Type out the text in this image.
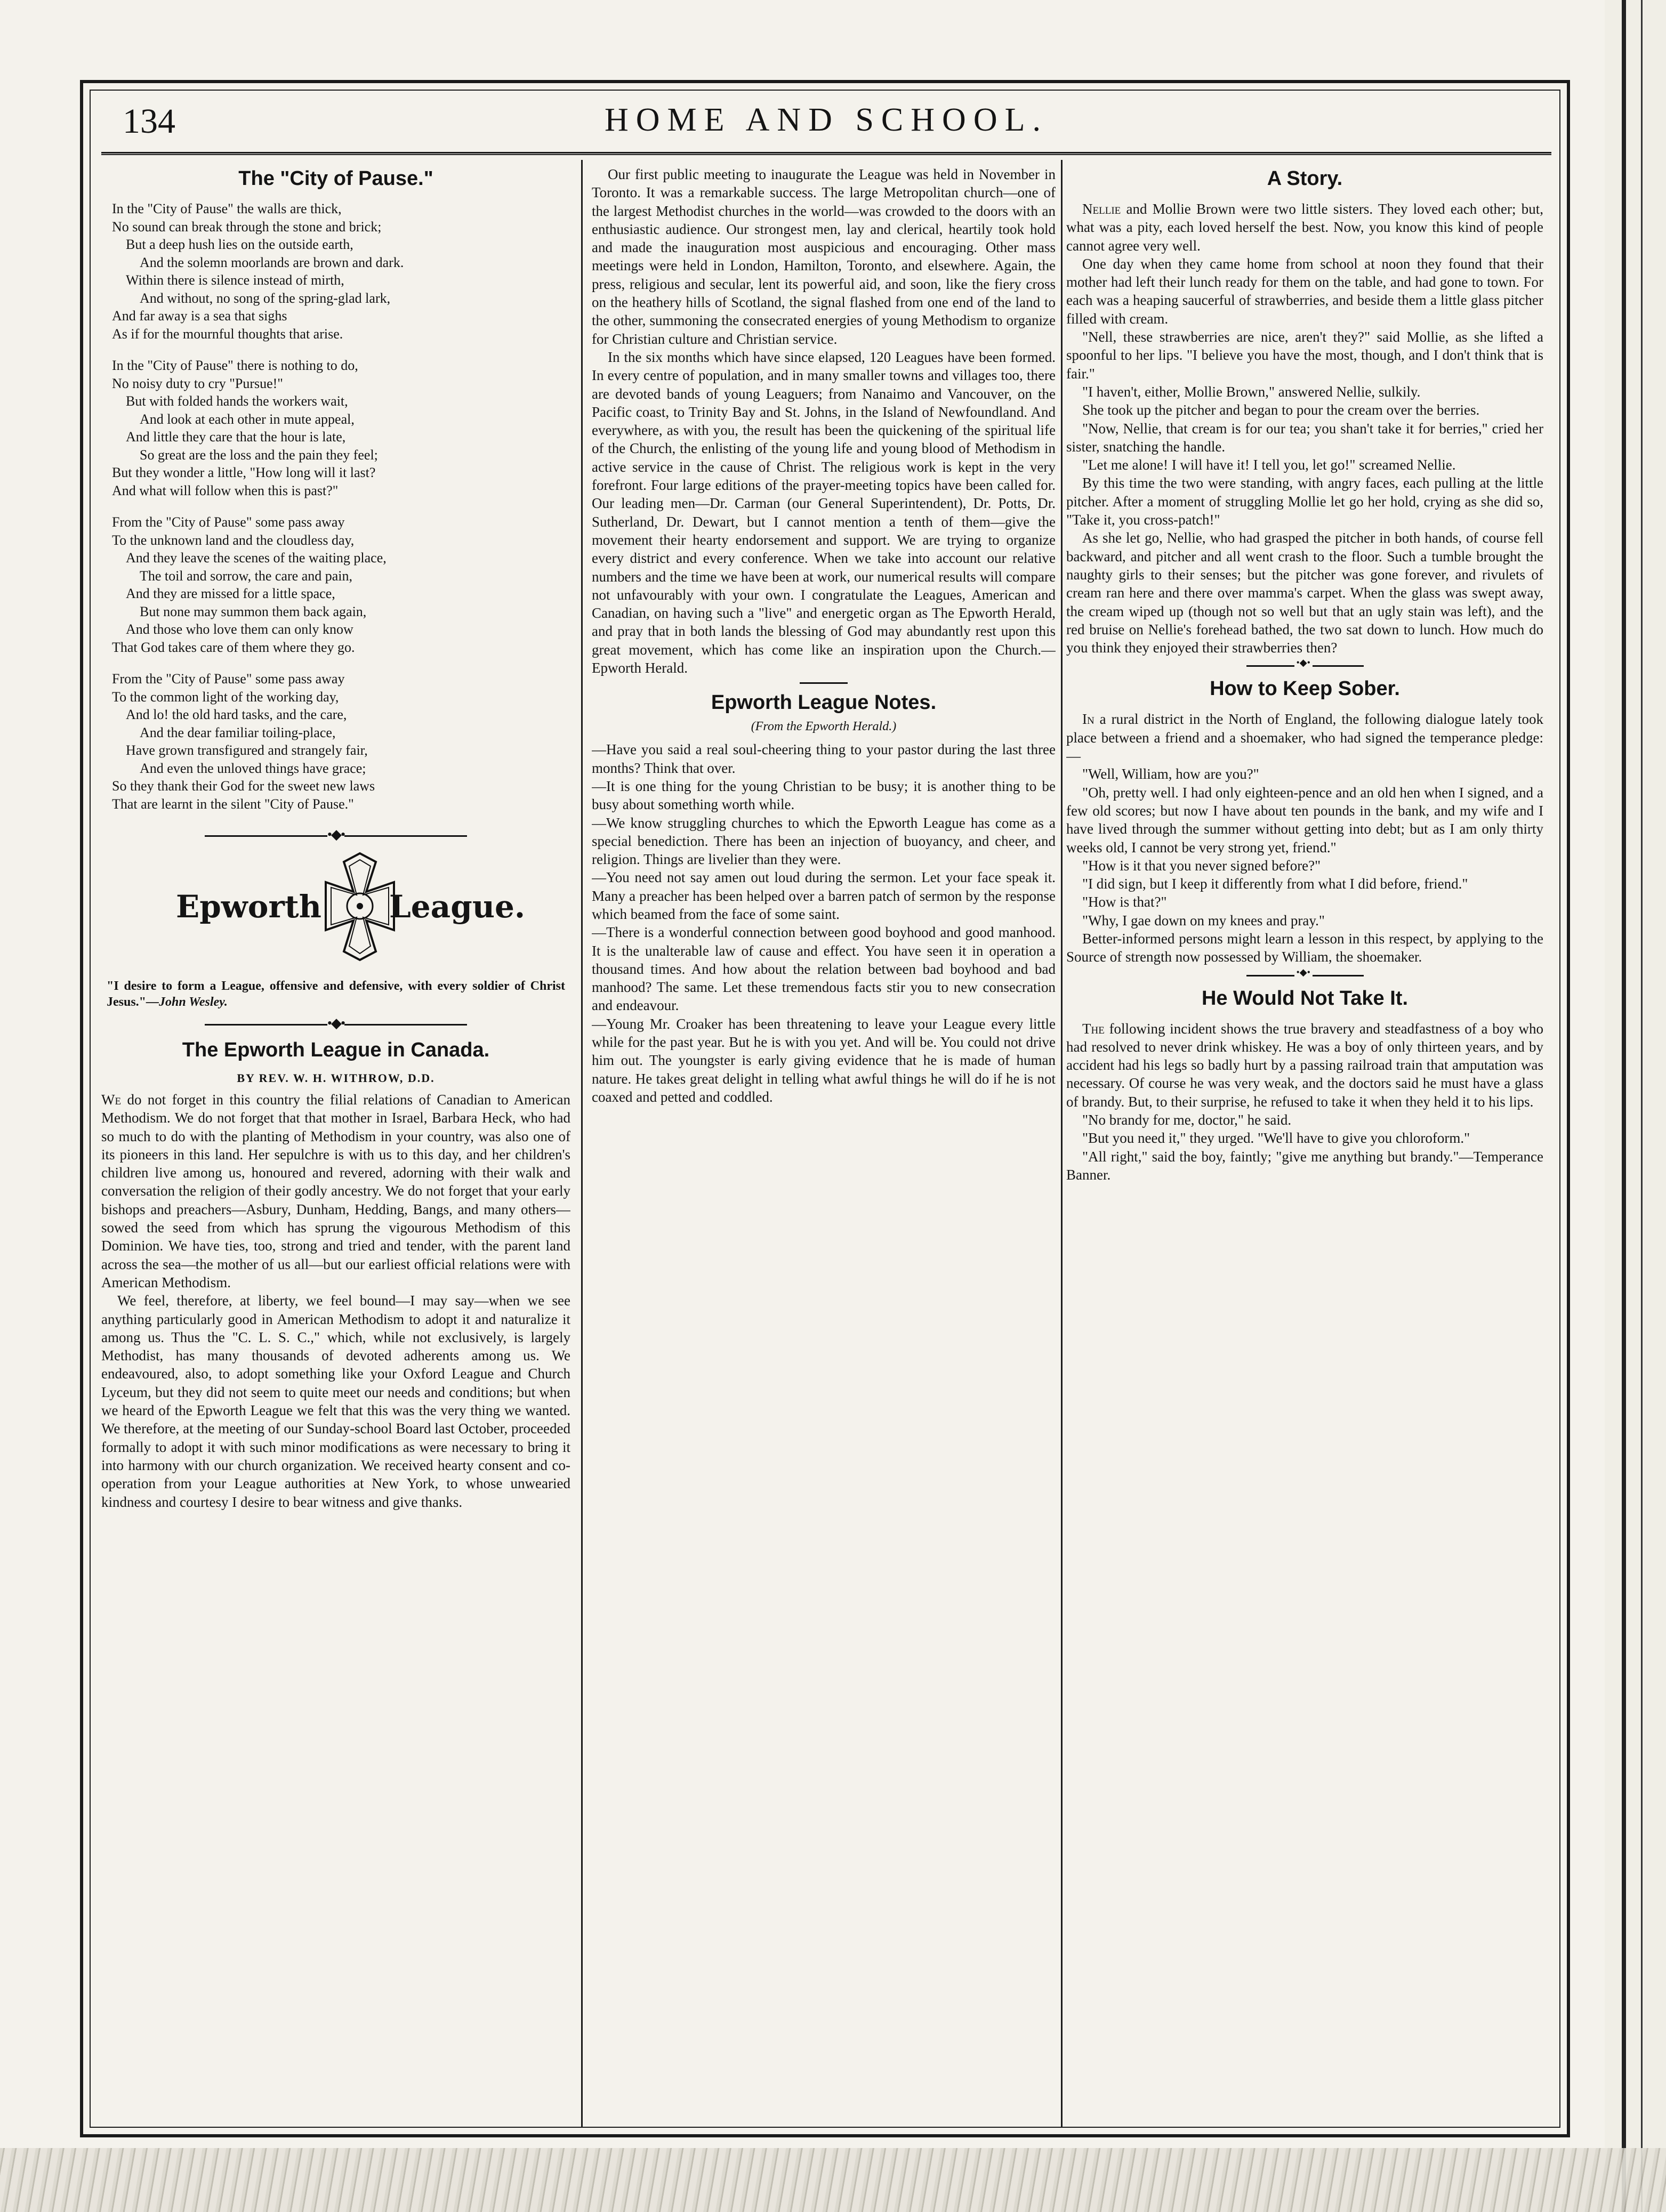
134	HOME AND SCHOOL.
The "City of Pause."
In the "City of Pause" the walls are thick,
No sound can break through the stone and brick;
But a deep hush lies on the outside earth,
And the solemn moorlands are brown and dark.
Within there is silence instead of mirth,
And without, no song of the spring-glad lark,
And far away is a sea that sighs
As if for the mournful thoughts that arise.
In the "City of Pause" there is nothing to do,
No noisy duty to cry "Pursue!"
But with folded hands the workers wait,
And look at each other in mute appeal,
And little they care that the hour is late,
So great are the loss and the pain they feel;
But they wonder a little, "How long will it last?
And what will follow when this is past?"
From the "City of Pause" some pass away
To the unknown land and the cloudless day,
And they leave the scenes of the waiting place,
The toil and sorrow, the care and pain,
And they are missed for a little space,
But none may summon them back again,
And those who love them can only know
That God takes care of them where they go.
From the "City of Pause" some pass away
To the common light of the working day,
And lo! the old hard tasks, and the care,
And the dear familiar toiling-place,
Have grown transfigured and strangely fair,
And even the unloved things have grace;
So they thank their God for the sweet new laws
That are learnt in the silent "City of Pause."
•◆•
Epworth League.
"I desire to form a League, offensive and defensive, with every soldier of Christ Jesus."—John Wesley.
•◆•
The Epworth League in Canada.
BY REV. W. H. WITHROW, D.D.

We do not forget in this country the filial relations of Canadian to American Methodism. We do not forget that that mother in Israel, Barbara Heck, who had so much to do with the planting of Methodism in your country, was also one of its pioneers in this land. Her sepulchre is with us to this day, and her children's children live among us, honoured and revered, adorning with their walk and conversation the religion of their godly ancestry. We do not forget that your early bishops and preachers—Asbury, Dunham, Hedding, Bangs, and many others—sowed the seed from which has sprung the vigourous Methodism of this Dominion. We have ties, too, strong and tried and tender, with the parent land across the sea—the mother of us all—but our earliest official relations were with American Methodism.

We feel, therefore, at liberty, we feel bound—I may say—when we see anything particularly good in American Methodism to adopt it and naturalize it among us. Thus the "C. L. S. C.," which, while not exclusively, is largely Methodist, has many thousands of devoted adherents among us. We endeavoured, also, to adopt something like your Oxford League and Church Lyceum, but they did not seem to quite meet our needs and conditions; but when we heard of the Epworth League we felt that this was the very thing we wanted. We therefore, at the meeting of our Sunday-school Board last October, proceeded formally to adopt it with such minor modifications as were necessary to bring it into harmony with our church organization. We received hearty consent and co-operation from your League authorities at New York, to whose unwearied kindness and courtesy I desire to bear witness and give thanks.

Our first public meeting to inaugurate the League was held in November in Toronto. It was a remarkable success. The large Metropolitan church—one of the largest Methodist churches in the world—was crowded to the doors with an enthusiastic audience. Our strongest men, lay and clerical, heartily took hold and made the inauguration most auspicious and encouraging. Other mass meetings were held in London, Hamilton, Toronto, and elsewhere. Again, the press, religious and secular, lent its powerful aid, and soon, like the fiery cross on the heathery hills of Scotland, the signal flashed from one end of the land to the other, summoning the consecrated energies of young Methodism to organize for Christian culture and Christian service.

In the six months which have since elapsed, 120 Leagues have been formed. In every centre of population, and in many smaller towns and villages too, there are devoted bands of young Leaguers; from Nanaimo and Vancouver, on the Pacific coast, to Trinity Bay and St. Johns, in the Island of Newfoundland. And everywhere, as with you, the result has been the quickening of the spiritual life of the Church, the enlisting of the young life and young blood of Methodism in active service in the cause of Christ. The religious work is kept in the very forefront. Four large editions of the prayer-meeting topics have been called for. Our leading men—Dr. Carman (our General Superintendent), Dr. Potts, Dr. Sutherland, Dr. Dewart, but I cannot mention a tenth of them—give the movement their hearty endorsement and support. We are trying to organize every district and every conference. When we take into account our relative numbers and the time we have been at work, our numerical results will compare not unfavourably with your own. I congratulate the Leagues, American and Canadian, on having such a "live" and energetic organ as The Epworth Herald, and pray that in both lands the blessing of God may abundantly rest upon this great movement, which has come like an inspiration upon the Church.—Epworth Herald.

Epworth League Notes.
(From the Epworth Herald.)

—Have you said a real soul-cheering thing to your pastor during the last three months? Think that over.

—It is one thing for the young Christian to be busy; it is another thing to be busy about something worth while.

—We know struggling churches to which the Epworth League has come as a special benediction. There has been an injection of buoyancy, and cheer, and religion. Things are livelier than they were.

—You need not say amen out loud during the sermon. Let your face speak it. Many a preacher has been helped over a barren patch of sermon by the response which beamed from the face of some saint.

—There is a wonderful connection between good boyhood and good manhood. It is the unalterable law of cause and effect. You have seen it in operation a thousand times. And how about the relation between bad boyhood and bad manhood? The same. Let these tremendous facts stir you to new consecration and endeavour.

—Young Mr. Croaker has been threatening to leave your League every little while for the past year. But he is with you yet. And will be. You could not drive him out. The youngster is early giving evidence that he is made of human nature. He takes great delight in telling what awful things he will do if he is not coaxed and petted and coddled.

A Story.

Nellie and Mollie Brown were two little sisters. They loved each other; but, what was a pity, each loved herself the best. Now, you know this kind of people cannot agree very well.

One day when they came home from school at noon they found that their mother had left their lunch ready for them on the table, and had gone to town. For each was a heaping saucerful of strawberries, and beside them a little glass pitcher filled with cream.

"Nell, these strawberries are nice, aren't they?" said Mollie, as she lifted a spoonful to her lips. "I believe you have the most, though, and I don't think that is fair."

"I haven't, either, Mollie Brown," answered Nellie, sulkily.

She took up the pitcher and began to pour the cream over the berries.

"Now, Nellie, that cream is for our tea; you shan't take it for berries," cried her sister, snatching the handle.

"Let me alone! I will have it! I tell you, let go!" screamed Nellie.

By this time the two were standing, with angry faces, each pulling at the little pitcher. After a moment of struggling Mollie let go her hold, crying as she did so, "Take it, you cross-patch!"

As she let go, Nellie, who had grasped the pitcher in both hands, of course fell backward, and pitcher and all went crash to the floor. Such a tumble brought the naughty girls to their senses; but the pitcher was gone forever, and rivulets of cream ran here and there over mamma's carpet. When the glass was swept away, the cream wiped up (though not so well but that an ugly stain was left), and the red bruise on Nellie's forehead bathed, the two sat down to lunch. How much do you think they enjoyed their strawberries then?

•◆•
How to Keep Sober.

In a rural district in the North of England, the following dialogue lately took place between a friend and a shoemaker, who had signed the temperance pledge:—

"Well, William, how are you?"

"Oh, pretty well. I had only eighteen-pence and an old hen when I signed, and a few old scores; but now I have about ten pounds in the bank, and my wife and I have lived through the summer without getting into debt; but as I am only thirty weeks old, I cannot be very strong yet, friend."

"How is it that you never signed before?"

"I did sign, but I keep it differently from what I did before, friend."

"How is that?"

"Why, I gae down on my knees and pray."

Better-informed persons might learn a lesson in this respect, by applying to the Source of strength now possessed by William, the shoemaker.

•◆•
He Would Not Take It.

The following incident shows the true bravery and steadfastness of a boy who had resolved to never drink whiskey. He was a boy of only thirteen years, and by accident had his legs so badly hurt by a passing railroad train that amputation was necessary. Of course he was very weak, and the doctors said he must have a glass of brandy. But, to their surprise, he refused to take it when they held it to his lips.

"No brandy for me, doctor," he said.

"But you need it," they urged. "We'll have to give you chloroform."

"All right," said the boy, faintly; "give me anything but brandy."—Temperance Banner.
